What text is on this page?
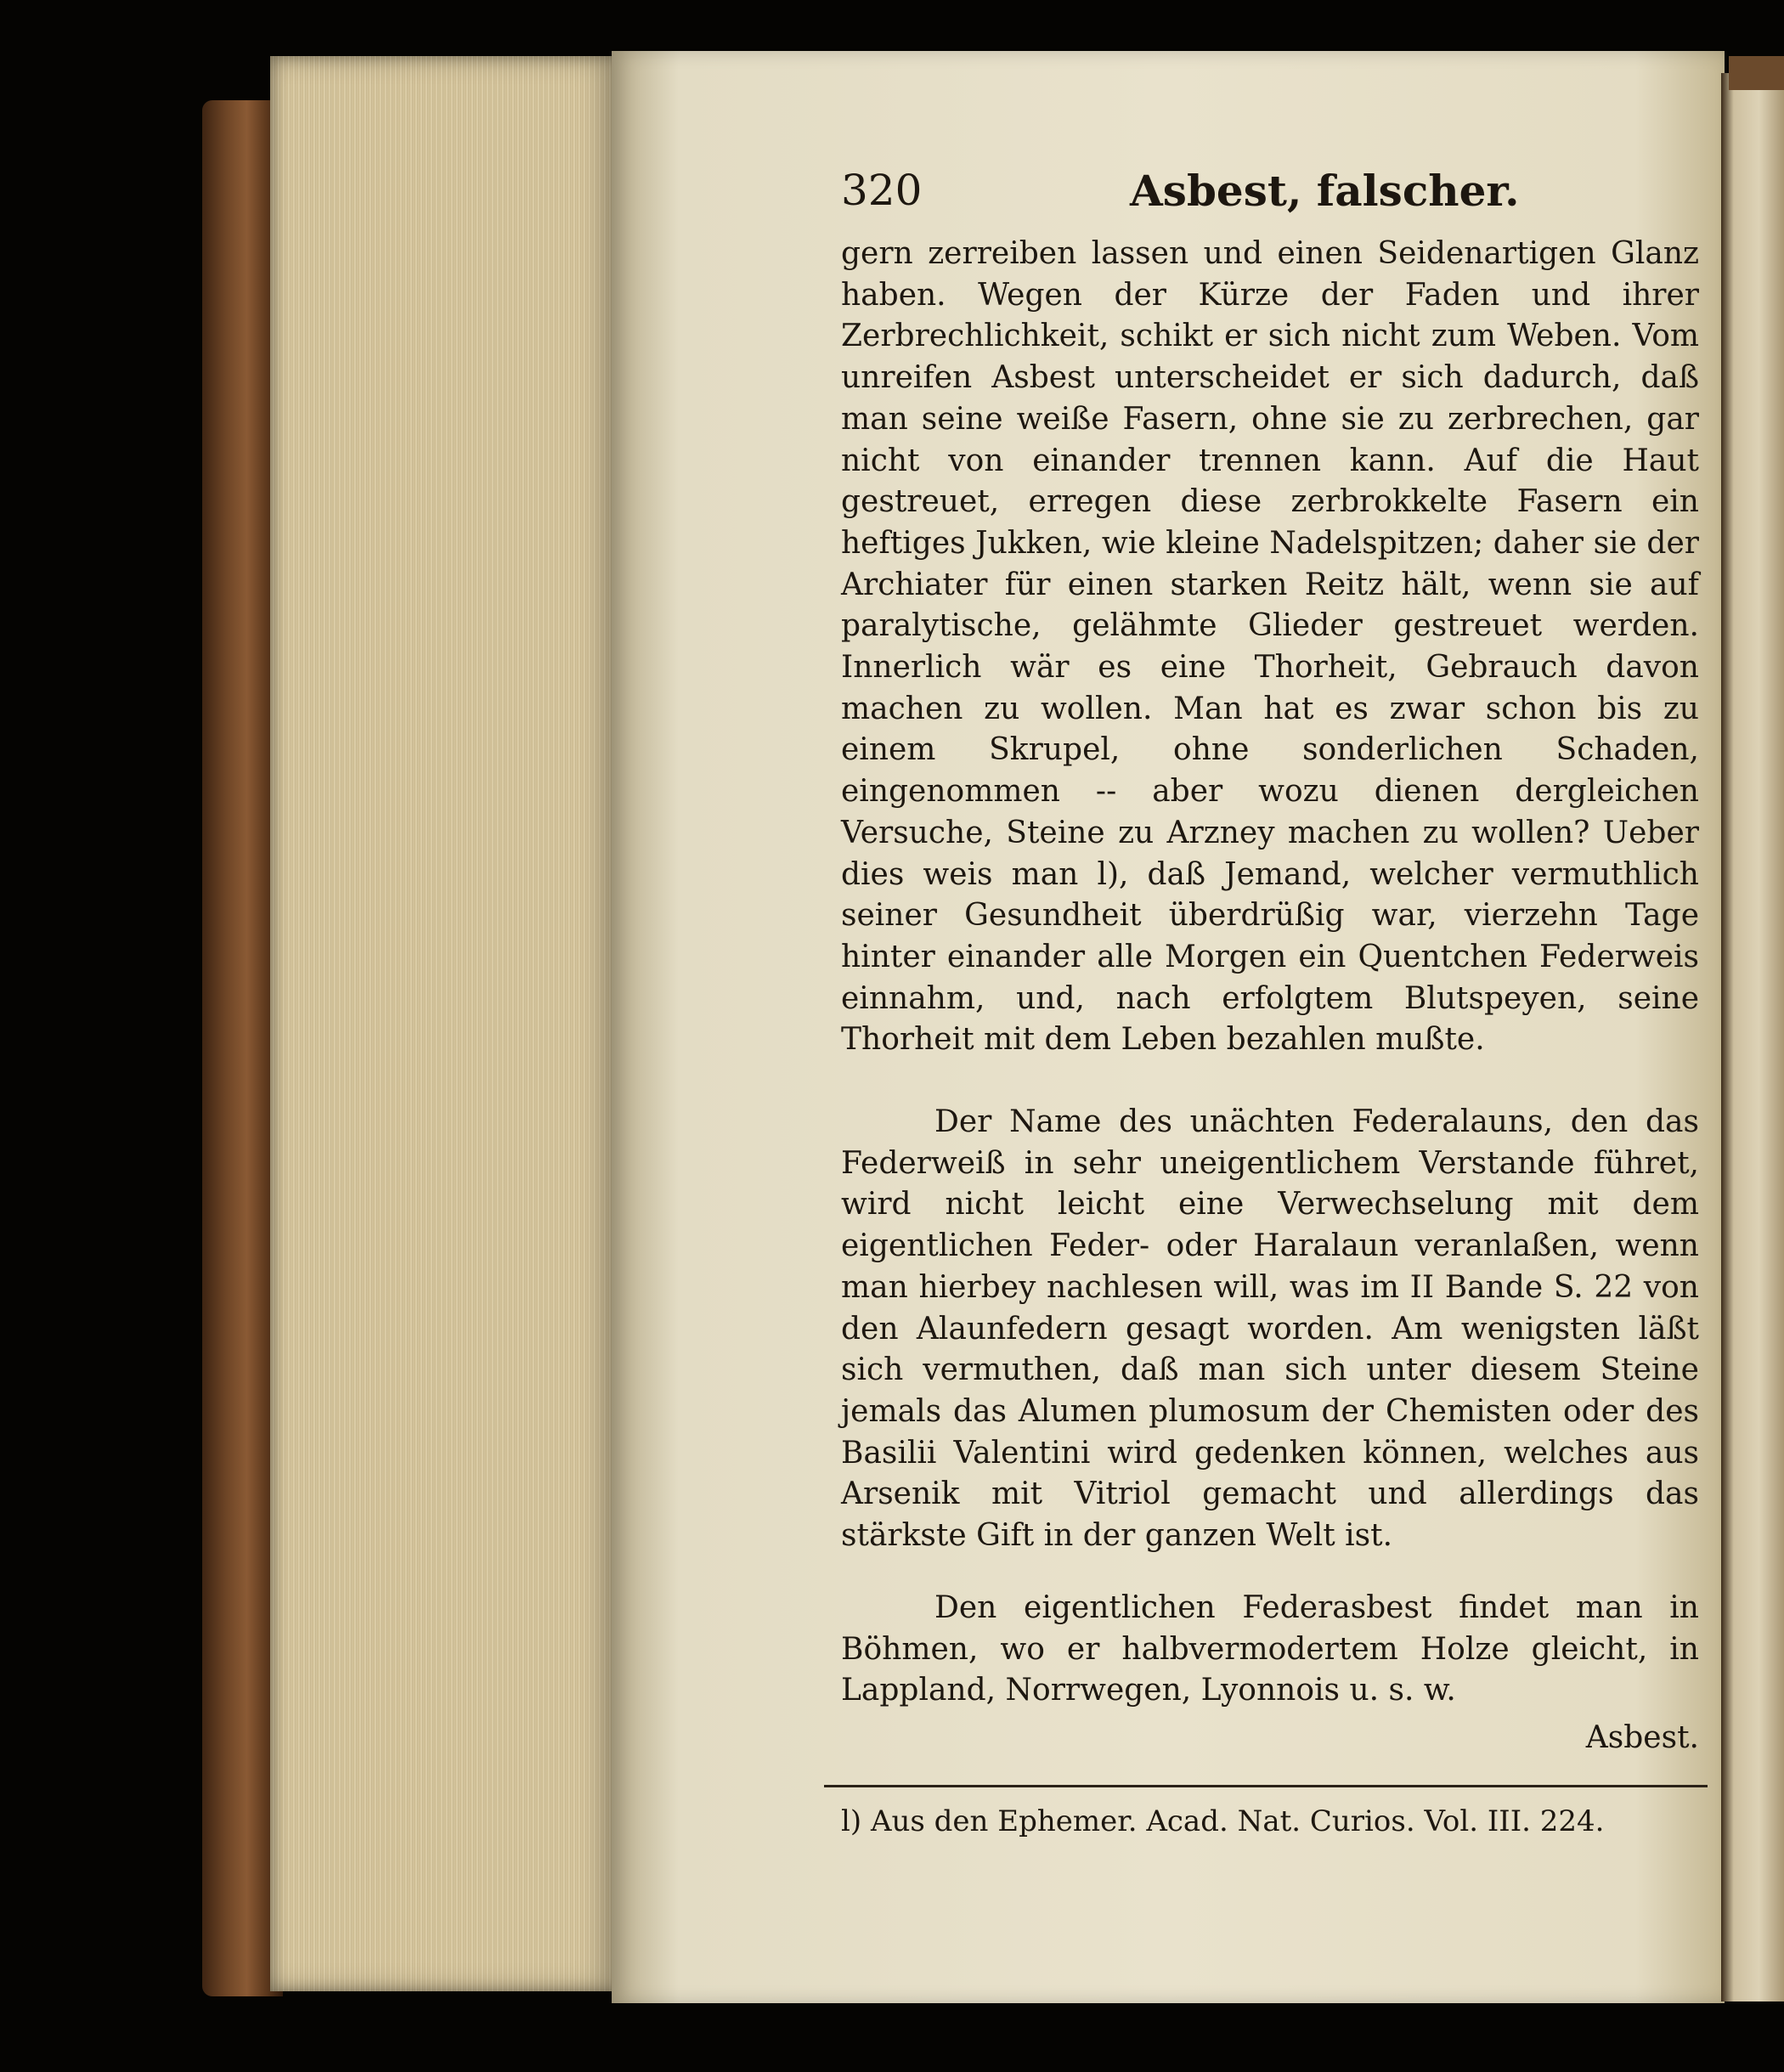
320	Asbest, falscher.

gern zerreiben lassen und einen Seidenartigen Glanz haben. Wegen der Kürze der Faden und ihrer Zerbrechlichkeit, schikt er sich nicht zum Weben. Vom unreifen Asbest unterscheidet er sich dadurch, daß man seine weiße Fasern, ohne sie zu zerbrechen, gar nicht von einander trennen kann. Auf die Haut gestreuet, erregen diese zerbrokkelte Fasern ein heftiges Jukken, wie kleine Nadelspitzen; daher sie der Archiater für einen starken Reitz hält, wenn sie auf paralytische, gelähmte Glieder gestreuet werden. Innerlich wär es eine Thorheit, Gebrauch davon machen zu wollen. Man hat es zwar schon bis zu einem Skrupel, ohne sonderlichen Schaden, eingenommen -- aber wozu dienen dergleichen Versuche, Steine zu Arzney machen zu wollen? Ueber dies weis man l), daß Jemand, welcher vermuthlich seiner Gesundheit überdrüßig war, vierzehn Tage hinter einander alle Morgen ein Quentchen Federweis einnahm, und, nach erfolgtem Blutspeyen, seine Thorheit mit dem Leben bezahlen mußte.

Der Name des unächten Federalauns, den das Federweiß in sehr uneigentlichem Verstande führet, wird nicht leicht eine Verwechselung mit dem eigentlichen Feder- oder Haralaun veranlaßen, wenn man hierbey nachlesen will, was im II Bande S. 22 von den Alaunfedern gesagt worden. Am wenigsten läßt sich vermuthen, daß man sich unter diesem Steine jemals das Alumen plumosum der Chemisten oder des Basilii Valentini wird gedenken können, welches aus Arsenik mit Vitriol gemacht und allerdings das stärkste Gift in der ganzen Welt ist.

Den eigentlichen Federasbest findet man in Böhmen, wo er halbvermodertem Holze gleicht, in Lappland, Norrwegen, Lyonnois u. s. w.

Asbest.

l) Aus den Ephemer. Acad. Nat. Curios. Vol. III. 224.
